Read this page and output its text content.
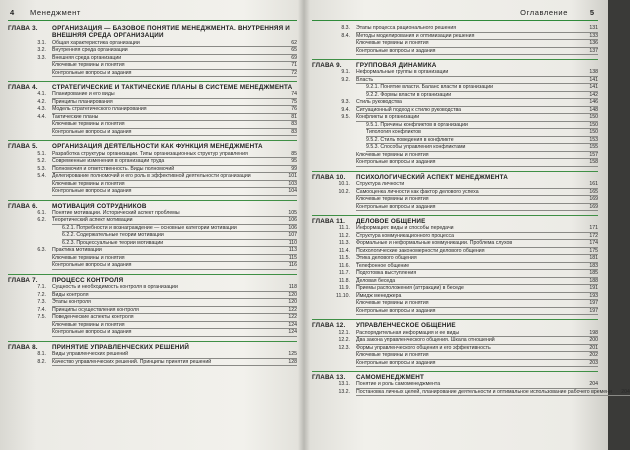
4 Менеджмент
ГЛАВА 3.	ОРГАНИЗАЦИЯ — БАЗОВОЕ ПОНЯТИЕ МЕНЕДЖМЕНТА. ВНУТРЕННЯЯ И ВНЕШНЯЯ СРЕДА ОРГАНИЗАЦИИ
3.1.	Общая характеристика организации	62
3.2.	Внутренняя среда организации	65
3.3.	Внешняя среда организации	69
Ключевые термины и понятия	71
Контрольные вопросы и задания	72
ГЛАВА 4.	СТРАТЕГИЧЕСКИЕ И ТАКТИЧЕСКИЕ ПЛАНЫ В СИСТЕМЕ МЕНЕДЖМЕНТА
4.1.	Планирование и его виды	74
4.2.	Принципы планирования	75
4.3.	Модель стратегического планирования	76
4.4.	Тактические планы	81
Ключевые термины и понятия	83
Контрольные вопросы и задания	83
ГЛАВА 5.	ОРГАНИЗАЦИЯ ДЕЯТЕЛЬНОСТИ КАК ФУНКЦИЯ МЕНЕДЖМЕНТА
5.1.	Разработка структуры организации. Типы организационных структур управления	85
5.2.	Современные изменения в организации труда	95
5.3.	Полномочия и ответственность. Виды полномочий	99
5.4.	Делегирование полномочий и его роль в эффективной деятельности организации	101
Ключевые термины и понятия	103
Контрольные вопросы и задания	104
ГЛАВА 6.	МОТИВАЦИЯ СОТРУДНИКОВ
6.1.	Понятие мотивации. Исторический аспект проблемы	105
6.2.	Теоретический аспект мотивации	106
6.2.1. Потребности и вознаграждение — основные категории мотивации	106
6.2.2. Содержательные теории мотивации	107
6.2.3. Процессуальные теории мотивации	110
6.3.	Практика мотивации	113
Ключевые термины и понятия	115
Контрольные вопросы и задания	116
ГЛАВА 7.	ПРОЦЕСС КОНТРОЛЯ
7.1.	Сущность и необходимость контроля в организации	118
7.2.	Виды контроля	120
7.3.	Этапы контроля	120
7.4.	Принципы осуществления контроля	122
7.5.	Поведенческие аспекты контроля	122
Ключевые термины и понятия	124
Контрольные вопросы и задания	124
ГЛАВА 8.	ПРИНЯТИЕ УПРАВЛЕНЧЕСКИХ РЕШЕНИЙ
8.1.	Виды управленческих решений	125
8.2.	Качество управленческих решений. Принципы принятия решений	128
Оглавление	5
8.3.	Этапы процесса рационального решения	131
8.4.	Методы моделирования и оптимизации решения	133
Ключевые термины и понятия	136
Контрольные вопросы и задания	137
ГЛАВА 9.	ГРУППОВАЯ ДИНАМИКА
9.1.	Неформальные группы в организации	138
9.2.	Власть	141
9.2.1. Понятие власти. Баланс власти в организации	141
9.2.2. Формы власти в организации	142
9.3.	Стиль руководства	146
9.4.	Ситуационный подход к стилю руководства	148
9.5.	Конфликты в организации	150
9.5.1. Причины конфликтов в организации	150
Типология конфликтов	150
9.5.2. Стиль поведения в конфликте	153
9.5.3. Способы управления конфликтами	155
Ключевые термины и понятия	157
Контрольные вопросы и задания	158
ГЛАВА 10.	ПСИХОЛОГИЧЕСКИЙ АСПЕКТ МЕНЕДЖМЕНТА
10.1.	Структура личности	161
10.2.	Самооценка личности как фактор делового успеха	165
Ключевые термины и понятия	169
Контрольные вопросы и задания	169
ГЛАВА 11.	ДЕЛОВОЕ ОБЩЕНИЕ
11.1.	Информация: виды и способы передачи	171
11.2.	Структура коммуникационного процесса	172
11.3.	Формальные и неформальные коммуникации. Проблема слухов	174
11.4.	Психологические закономерности делового общения	175
11.5.	Этика делового общения	181
11.6.	Телефонное общение	183
11.7.	Подготовка выступления	185
11.8.	Деловая беседа	188
11.9.	Приемы расположения (аттракции) в беседе	191
11.10.	Имидж менеджера	193
Ключевые термины и понятия	197
Контрольные вопросы и задания	197
ГЛАВА 12.	УПРАВЛЕНЧЕСКОЕ ОБЩЕНИЕ
12.1.	Распорядительная информация и ее виды	198
12.2.	Два закона управленческого общения. Шкала отношений	200
12.3.	Формы управленческого общения и его эффективность	201
Ключевые термины и понятия	202
Контрольные вопросы и задания	203
ГЛАВА 13.	САМОМЕНЕДЖМЕНТ
13.1.	Понятие и роль самоменеджмента	204
13.2.	Постановка личных целей, планирование деятельности и оптимальное использование рабочего времени	204
